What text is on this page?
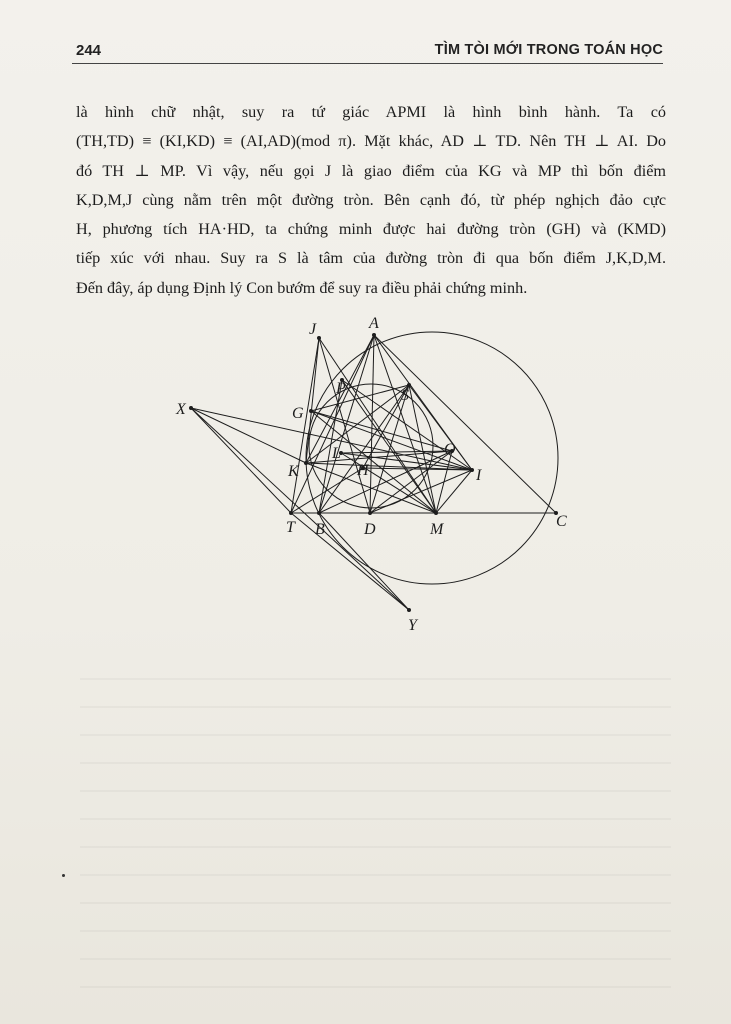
244	TÌM TÒI MỚI TRONG TOÁN HỌC
là hình chữ nhật, suy ra tứ giác APMI là hình bình hành. Ta có
(TH,TD) ≡ (KI,KD) ≡ (AI,AD)(mod π). Mặt khác, AD ⊥ TD. Nên TH ⊥ AI. Do
đó TH ⊥ MP. Vì vậy, nếu gọi J là giao điểm của KG và MP thì bốn điểm
K,D,M,J cùng nằm trên một đường tròn. Bên cạnh đó, từ phép nghịch đảo cực
H, phương tích HA·HD, ta chứng minh được hai đường tròn (GH) và (KMD)
tiếp xúc với nhau. Suy ra S là tâm của đường tròn đi qua bốn điểm J,K,D,M.
Đến đây, áp dụng Định lý Con bướm để suy ra điều phải chứng minh.
J	A
P	S
X	G
L	O
I
K	H
T B D	M	C
Y
